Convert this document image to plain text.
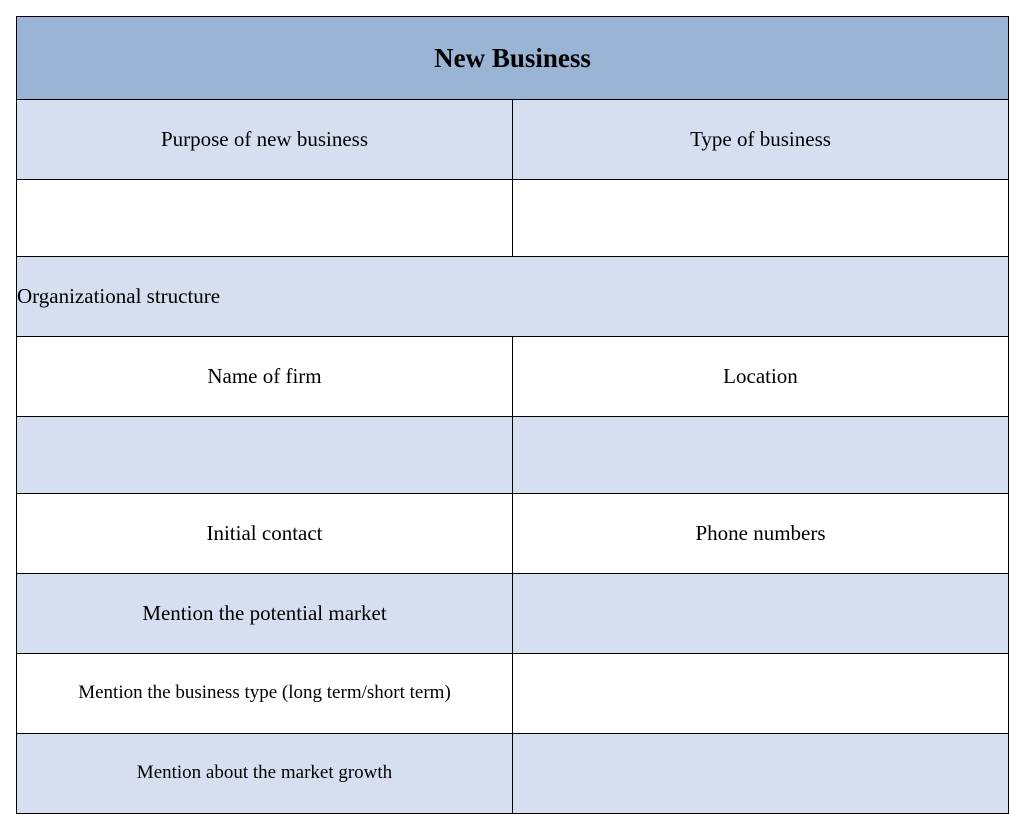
New Business	
Purpose of new business	Type of business

Organizational structure	
Name of firm	Location

Initial contact	Phone numbers
Mention the potential market	
Mention the business type (long term/short term)	
Mention about the market growth	
